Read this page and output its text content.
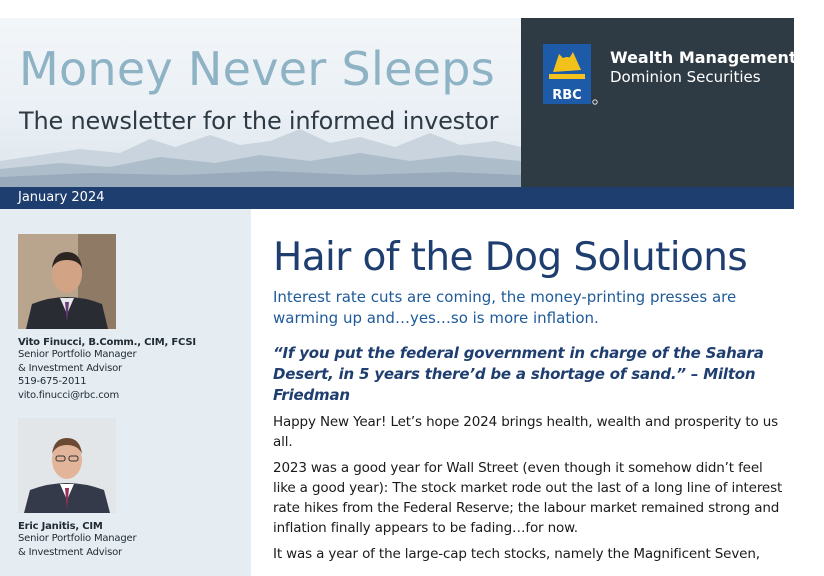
Money Never Sleeps

The newsletter for the informed investor

RBC
Wealth Management
Dominion Securities
January 2024
Vito Finucci, B.Comm., CIM, FCSI
Senior Portfolio Manager
& Investment Advisor
519-675-2011
vito.finucci@rbc.com
Eric Janitis, CIM
Senior Portfolio Manager
& Investment Advisor
Hair of the Dog Solutions

Interest rate cuts are coming, the money-printing presses are warming up and…yes…so is more inflation.

“If you put the federal government in charge of the Sahara Desert, in 5 years there’d be a shortage of sand.” – Milton Friedman

Happy New Year! Let’s hope 2024 brings health, wealth and prosperity to us all.

2023 was a good year for Wall Street (even though it somehow didn’t feel like a good year): The stock market rode out the last of a long line of interest rate hikes from the Federal Reserve; the labour market remained strong and inflation finally appears to be fading…for now.

It was a year of the large-cap tech stocks, namely the Magnificent Seven,
